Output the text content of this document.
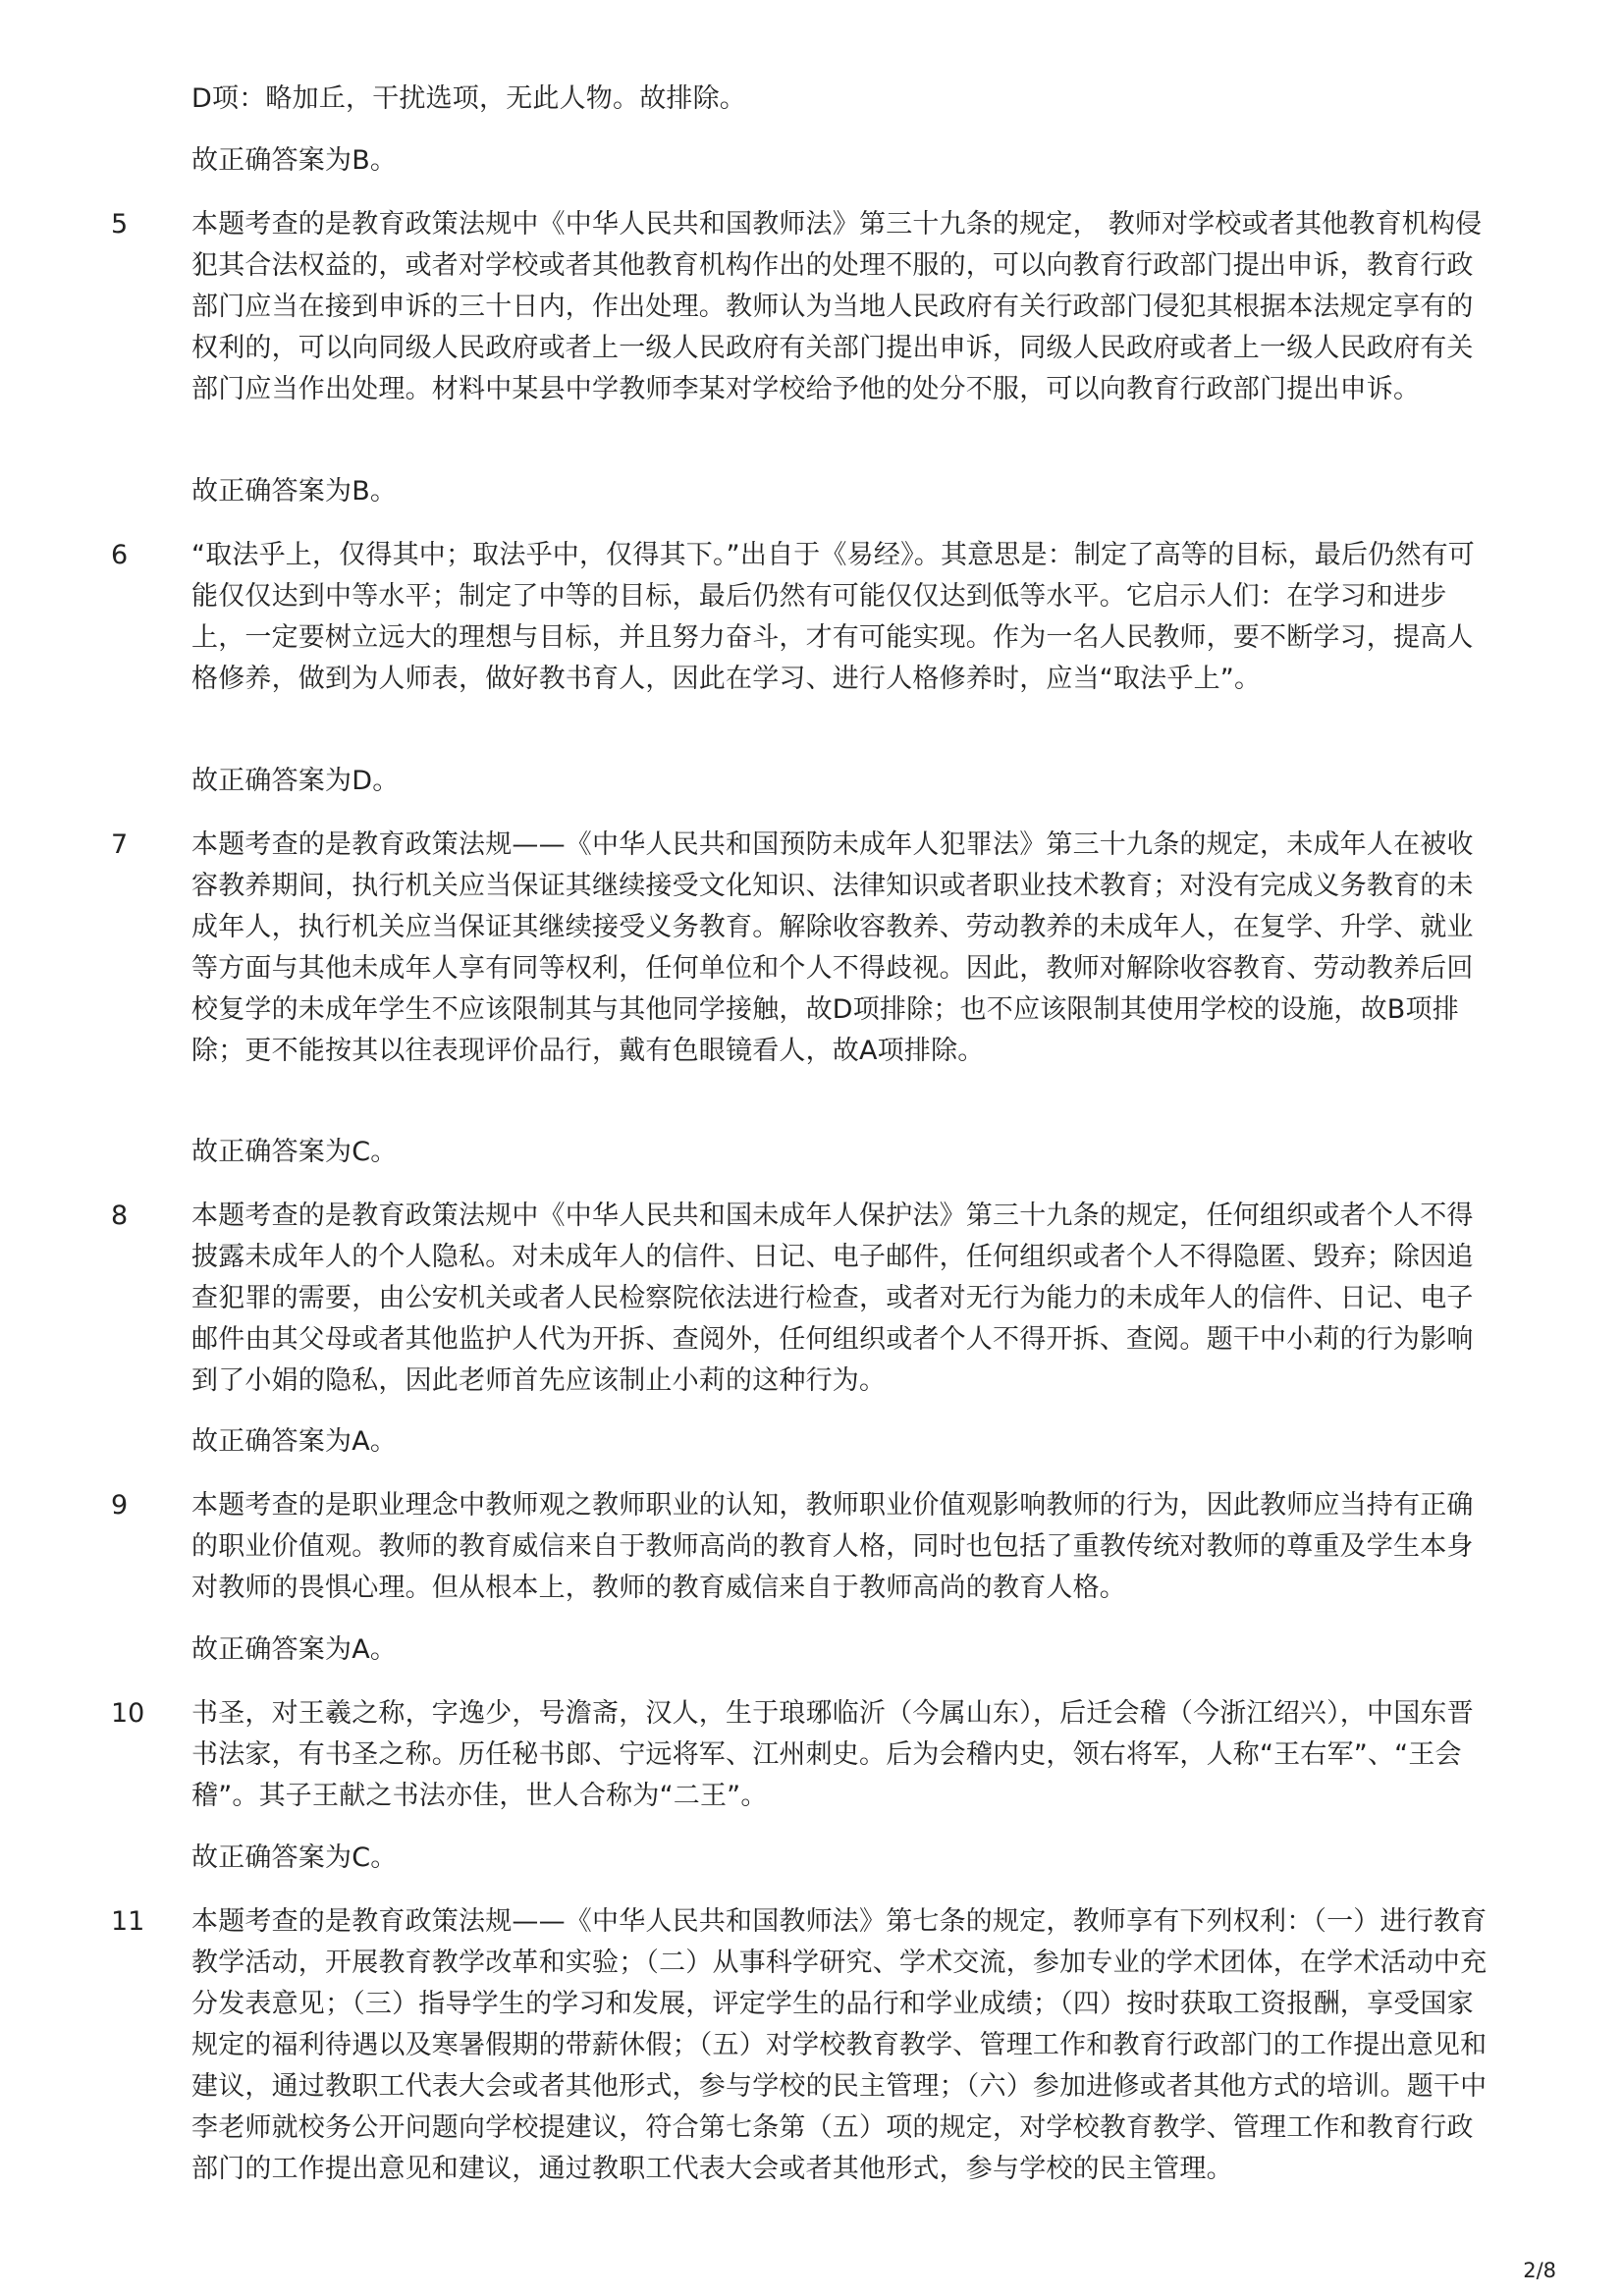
D项：略加丘，干扰选项，无此人物。故排除。
故正确答案为B。
5 本题考查的是教育政策法规中《中华人民共和国教师法》第三十九条的规定， 教师对学校或者其他教育机构侵犯其合法权益的，或者对学校或者其他教育机构作出的处理不服的，可以向教育行政部门提出申诉，教育行政部门应当在接到申诉的三十日内，作出处理。教师认为当地人民政府有关行政部门侵犯其根据本法规定享有的权利的，可以向同级人民政府或者上一级人民政府有关部门提出申诉，同级人民政府或者上一级人民政府有关部门应当作出处理。材料中某县中学教师李某对学校给予他的处分不服，可以向教育行政部门提出申诉。
故正确答案为B。
6 “取法乎上，仅得其中；取法乎中，仅得其下。”出自于《易经》。其意思是：制定了高等的目标，最后仍然有可能仅仅达到中等水平；制定了中等的目标，最后仍然有可能仅仅达到低等水平。它启示人们：在学习和进步上，一定要树立远大的理想与目标，并且努力奋斗，才有可能实现。作为一名人民教师，要不断学习，提高人格修养，做到为人师表，做好教书育人，因此在学习、进行人格修养时，应当“取法乎上”。
故正确答案为D。
7 本题考查的是教育政策法规——《中华人民共和国预防未成年人犯罪法》第三十九条的规定，未成年人在被收容教养期间，执行机关应当保证其继续接受文化知识、法律知识或者职业技术教育；对没有完成义务教育的未成年人，执行机关应当保证其继续接受义务教育。解除收容教养、劳动教养的未成年人，在复学、升学、就业等方面与其他未成年人享有同等权利，任何单位和个人不得歧视。因此，教师对解除收容教育、劳动教养后回校复学的未成年学生不应该限制其与其他同学接触，故D项排除；也不应该限制其使用学校的设施，故B项排除；更不能按其以往表现评价品行，戴有色眼镜看人，故A项排除。
故正确答案为C。
8 本题考查的是教育政策法规中《中华人民共和国未成年人保护法》第三十九条的规定，任何组织或者个人不得披露未成年人的个人隐私。对未成年人的信件、日记、电子邮件，任何组织或者个人不得隐匿、毁弃；除因追查犯罪的需要，由公安机关或者人民检察院依法进行检查，或者对无行为能力的未成年人的信件、日记、电子邮件由其父母或者其他监护人代为开拆、查阅外，任何组织或者个人不得开拆、查阅。题干中小莉的行为影响到了小娟的隐私，因此老师首先应该制止小莉的这种行为。
故正确答案为A。
9 本题考查的是职业理念中教师观之教师职业的认知，教师职业价值观影响教师的行为，因此教师应当持有正确的职业价值观。教师的教育威信来自于教师高尚的教育人格，同时也包括了重教传统对教师的尊重及学生本身对教师的畏惧心理。但从根本上，教师的教育威信来自于教师高尚的教育人格。
故正确答案为A。
10 书圣，对王羲之称，字逸少，号澹斋，汉人，生于琅琊临沂（今属山东），后迁会稽（今浙江绍兴），中国东晋书法家，有书圣之称。历任秘书郎、宁远将军、江州刺史。后为会稽内史，领右将军，人称“王右军”、“王会稽”。其子王献之书法亦佳，世人合称为“二王”。
故正确答案为C。
11 本题考查的是教育政策法规——《中华人民共和国教师法》第七条的规定，教师享有下列权利：（一）进行教育教学活动，开展教育教学改革和实验；（二）从事科学研究、学术交流，参加专业的学术团体，在学术活动中充分发表意见；（三）指导学生的学习和发展，评定学生的品行和学业成绩；（四）按时获取工资报酬，享受国家规定的福利待遇以及寒暑假期的带薪休假；（五）对学校教育教学、管理工作和教育行政部门的工作提出意见和建议，通过教职工代表大会或者其他形式，参与学校的民主管理；（六）参加进修或者其他方式的培训。题干中李老师就校务公开问题向学校提建议，符合第七条第（五）项的规定，对学校教育教学、管理工作和教育行政部门的工作提出意见和建议，通过教职工代表大会或者其他形式，参与学校的民主管理。
2/8
